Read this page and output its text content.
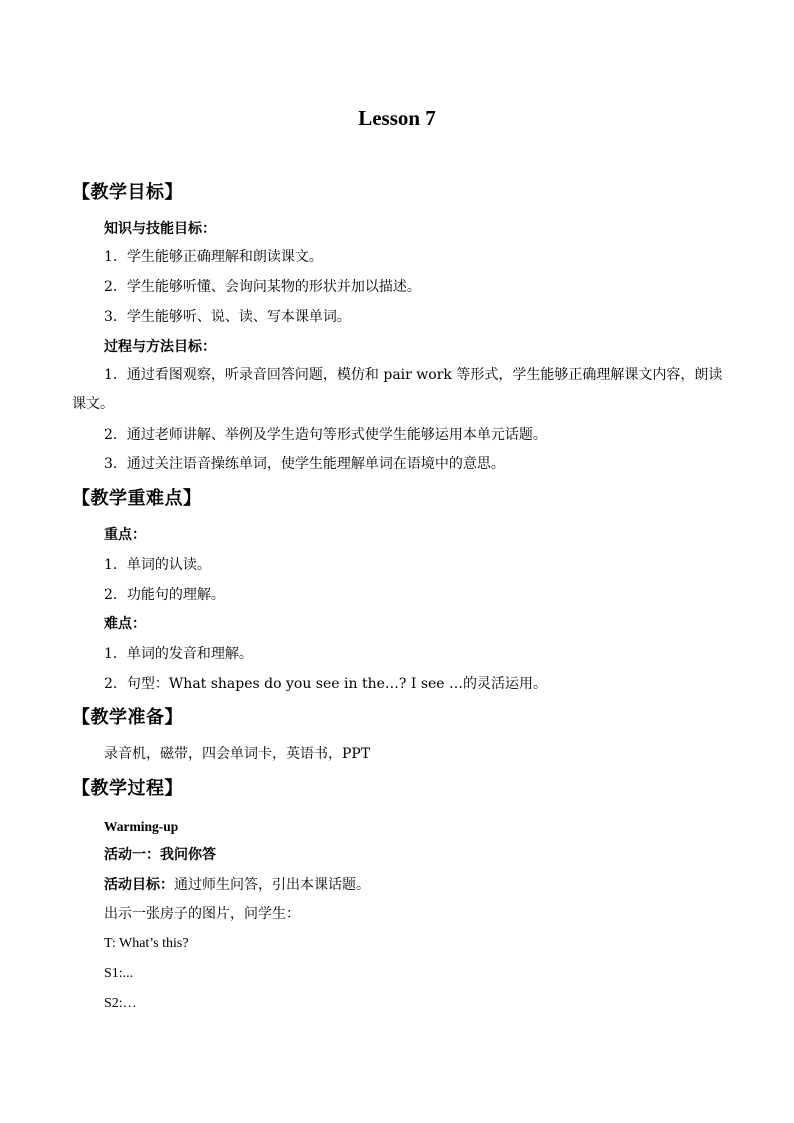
Lesson 7
【教学目标】
知识与技能目标：
1．学生能够正确理解和朗读课文。
2．学生能够听懂、会询问某物的形状并加以描述。
3．学生能够听、说、读、写本课单词。
过程与方法目标：
1．通过看图观察，听录音回答问题，模仿和 pair work 等形式，学生能够正确理解课文内容，朗读课文。
2．通过老师讲解、举例及学生造句等形式使学生能够运用本单元话题。
3．通过关注语音操练单词，使学生能理解单词在语境中的意思。
【教学重难点】
重点：
1．单词的认读。
2．功能句的理解。
难点：
1．单词的发音和理解。
2．句型：What shapes do you see in the…? I see …的灵活运用。
【教学准备】
录音机，磁带，四会单词卡，英语书，PPT
【教学过程】
Warming-up
活动一：我问你答
活动目标：通过师生问答，引出本课话题。
出示一张房子的图片，问学生：
T: What’s this?
S1:...
S2:…
